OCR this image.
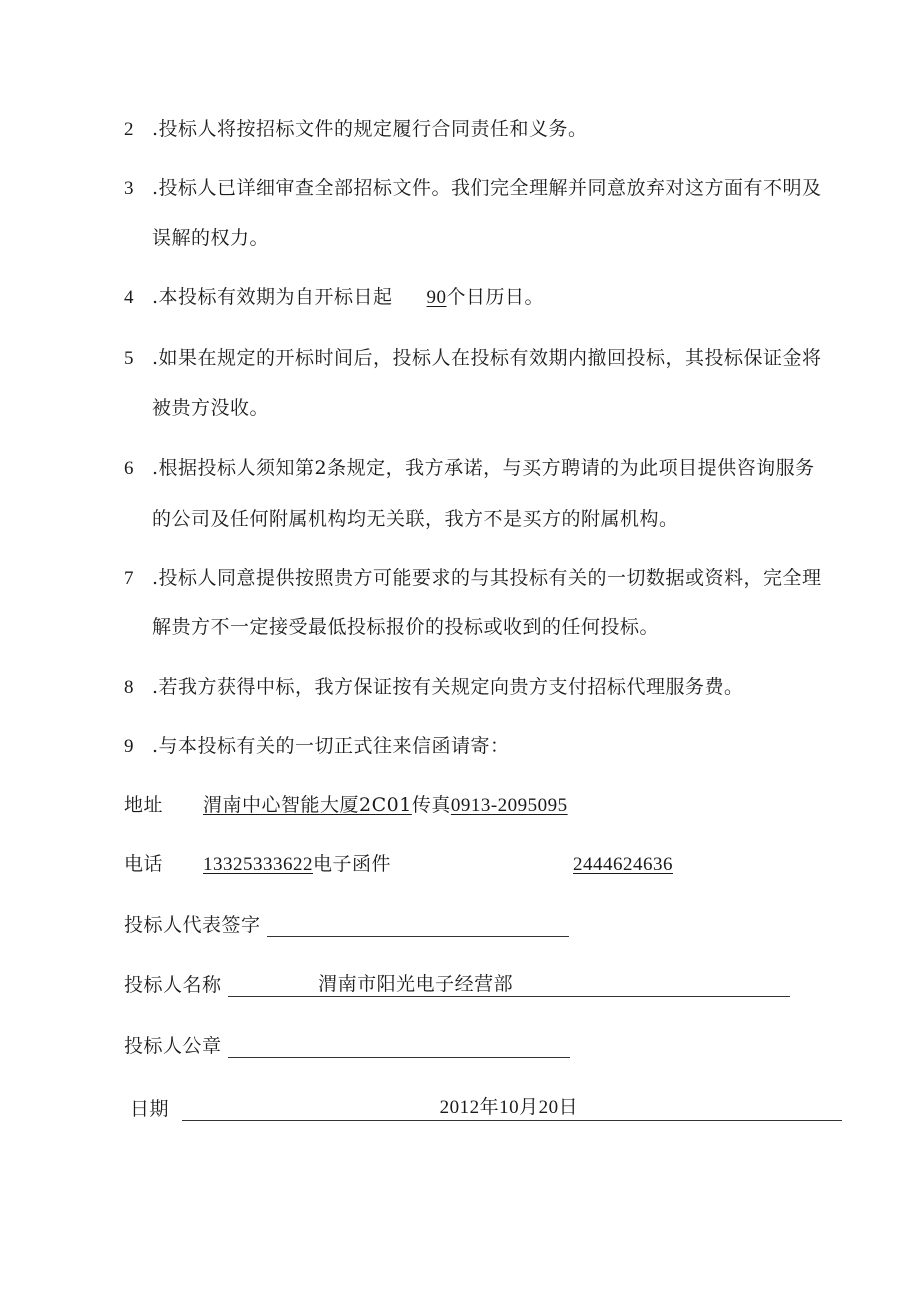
2 .投标人将按招标文件的规定履行合同责任和义务。
3 .投标人已详细审查全部招标文件。我们完全理解并同意放弃对这方面有不明及
误解的权力。
4 .本投标有效期为自开标日起 90个日历日。
5 .如果在规定的开标时间后，投标人在投标有效期内撤回投标，其投标保证金将
被贵方没收。
6 .根据投标人须知第2条规定，我方承诺，与买方聘请的为此项目提供咨询服务
的公司及任何附属机构均无关联，我方不是买方的附属机构。
7 .投标人同意提供按照贵方可能要求的与其投标有关的一切数据或资料，完全理
解贵方不一定接受最低投标报价的投标或收到的任何投标。
8 .若我方获得中标，我方保证按有关规定向贵方支付招标代理服务费。
9 .与本投标有关的一切正式往来信函请寄：
地址 渭南中心智能大厦2C01传真0913-2095095
电话 13325333622电子函件	2444624636
投标人代表签字
投标人名称	渭南市阳光电子经营部
投标人公章
日期	2012年10月20日
